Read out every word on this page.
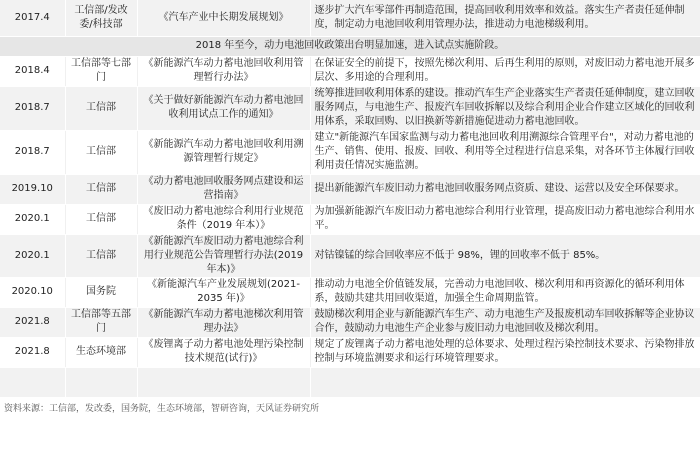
2017.4	工信部/发改委/科技部	《汽车产业中长期发展规划》	逐步扩大汽车零部件再制造范围，提高回收利用效率和效益。落实生产者责任延伸制度，制定动力电池回收利用管理办法，推进动力电池梯级利用。
2018 年至今，动力电池回收政策出台明显加速，进入试点实施阶段。			
2018.4	工信部等七部门	《新能源汽车动力蓄电池回收利用管理暂行办法》	在保证安全的前提下，按照先梯次利用、后再生利用的原则，对废旧动力蓄电池开展多层次、多用途的合理利用。
2018.7	工信部	《关于做好新能源汽车动力蓄电池回收利用试点工作的通知》	统筹推进回收利用体系的建设。推动汽车生产企业落实生产者责任延伸制度，建立回收服务网点，与电池生产、报废汽车回收拆解以及综合利用企业合作建立区域化的回收利用体系，采取回购、以旧换新等新措施促进动力蓄电池回收。
2018.7	工信部	《新能源汽车动力蓄电池回收利用溯源管理暂行规定》	建立"新能源汽车国家监测与动力蓄电池回收利用溯源综合管理平台"，对动力蓄电池的生产、销售、使用、报废、回收、利用等全过程进行信息采集，对各环节主体履行回收利用责任情况实施监测。
2019.10	工信部	《动力蓄电池回收服务网点建设和运营指南》	提出新能源汽车废旧动力蓄电池回收服务网点资质、建设、运营以及安全环保要求。
2020.1	工信部	《废旧动力蓄电池综合利用行业规范条件（2019 年本）》	为加强新能源汽车废旧动力蓄电池综合利用行业管理，提高废旧动力蓄电池综合利用水平。
2020.1	工信部	《新能源汽车废旧动力蓄电池综合利用行业规范公告管理暂行办法(2019年本)》	对钴镍锰的综合回收率应不低于 98%，锂的回收率不低于 85%。
2020.10	国务院	《新能源汽车产业发展规划(2021-2035 年)》	推动动力电池全价值链发展，完善动力电池回收、梯次利用和再资源化的循环利用体系，鼓励共建共用回收渠道，加强全生命周期监管。
2021.8	工信部等五部门	《新能源汽车动力蓄电池梯次利用管理办法》	鼓励梯次利用企业与新能源汽车生产、动力电池生产及报废机动车回收拆解等企业协议合作，鼓励动力电池生产企业参与废旧动力电池回收及梯次利用。
2021.8	生态环境部	《废锂离子动力蓄电池处理污染控制技术规范(试行)》	规定了废锂离子动力蓄电池处理的总体要求、处理过程污染控制技术要求、污染物排放控制与环境监测要求和运行环境管理要求。

资料来源：工信部，发改委，国务院，生态环境部，智研咨询，天风证券研究所
